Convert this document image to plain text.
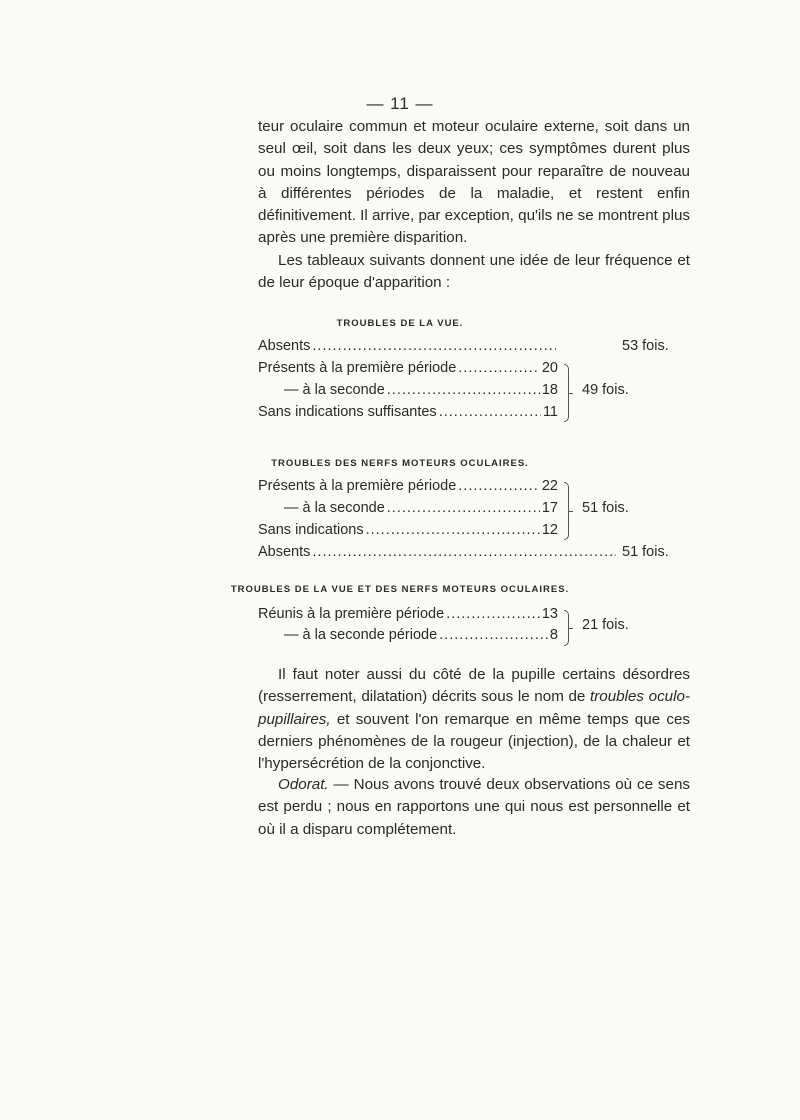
— 11 —
teur oculaire commun et moteur oculaire externe, soit dans un seul œil, soit dans les deux yeux; ces symptômes durent plus ou moins longtemps, disparaissent pour reparaître de nouveau à différentes périodes de la maladie, et restent enfin définitivement. Il arrive, par exception, qu'ils ne se montrent plus après une première disparition.
Les tableaux suivants donnent une idée de leur fréquence et de leur époque d'apparition :
TROUBLES DE LA VUE.
Absents .....	53 fois.
Présents à la première période .....	20
— à la seconde .....	18
Sans indications suffisantes .....	11
49 fois.
TROUBLES DES NERFS MOTEURS OCULAIRES.
Présents à la première période .....	22
— à la seconde .....	17
Sans indications .....	12
51 fois.
Absents .....	51 fois.
TROUBLES DE LA VUE ET DES NERFS MOTEURS OCULAIRES.
Réunis à la première période .....	13
— à la seconde période .....	8
21 fois.
Il faut noter aussi du côté de la pupille certains désordres (resserrement, dilatation) décrits sous le nom de troubles oculo-pupillaires, et souvent l'on remarque en même temps que ces derniers phénomènes de la rougeur (injection), de la chaleur et l'hypersécrétion de la conjonctive.
Odorat. — Nous avons trouvé deux observations où ce sens est perdu ; nous en rapportons une qui nous est personnelle et où il a disparu complétement.
